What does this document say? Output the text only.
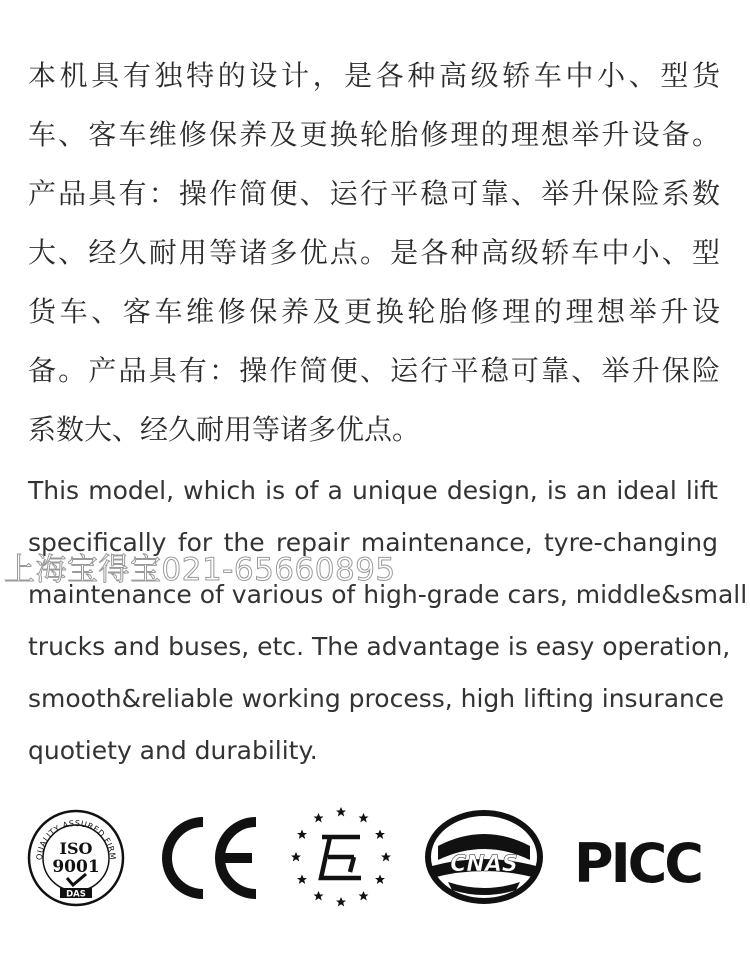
本机具有独特的设计，是各种高级轿车中小、型货
车、客车维修保养及更换轮胎修理的理想举升设备。
产品具有：操作简便、运行平稳可靠、举升保险系数
大、经久耐用等诸多优点。是各种高级轿车中小、型
货车、客车维修保养及更换轮胎修理的理想举升设
备。产品具有：操作简便、运行平稳可靠、举升保险
系数大、经久耐用等诸多优点。
This model, which is of a unique design, is an ideal lift
specifically for the repair maintenance, tyre-changing
maintenance of various of high-grade cars, middle&small
trucks and buses, etc. The advantage is easy operation,
smooth&reliable working process, high lifting insurance
quotiety and durability.
上海宝得宝021-65660895
QUALITY ASSURED FIRM
ISO
9001
DAS
CNAS PICC
